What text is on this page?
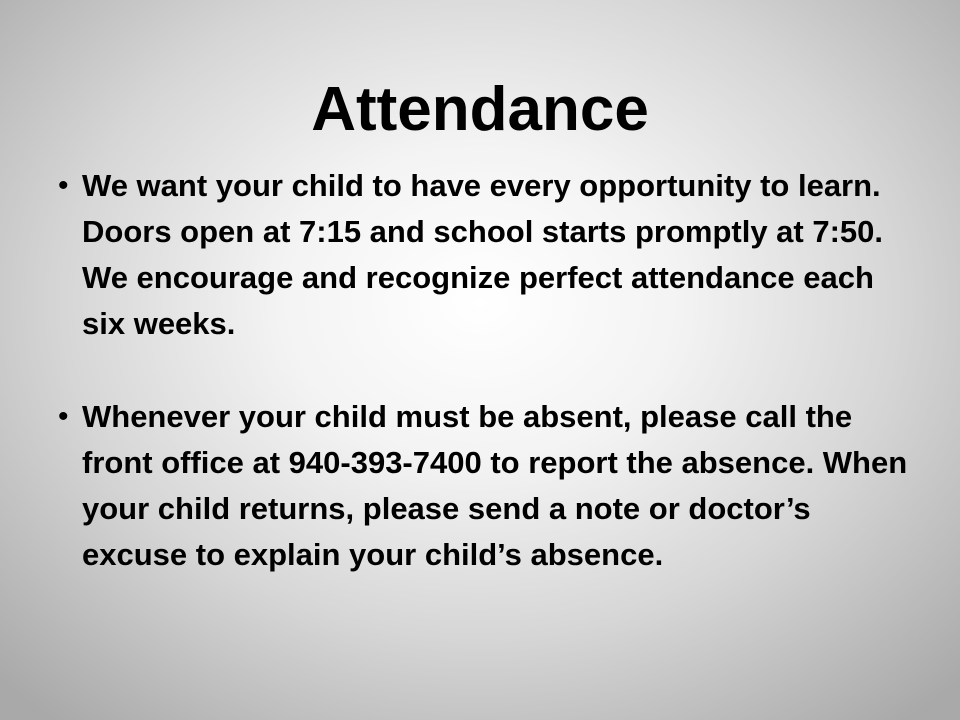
Attendance
• We want your child to have every opportunity to learn. Doors open at 7:15 and school starts promptly at 7:50. We encourage and recognize perfect attendance each six weeks.
• Whenever your child must be absent, please call the front office at 940-393-7400 to report the absence. When your child returns, please send a note or doctor’s excuse to explain your child’s absence.
